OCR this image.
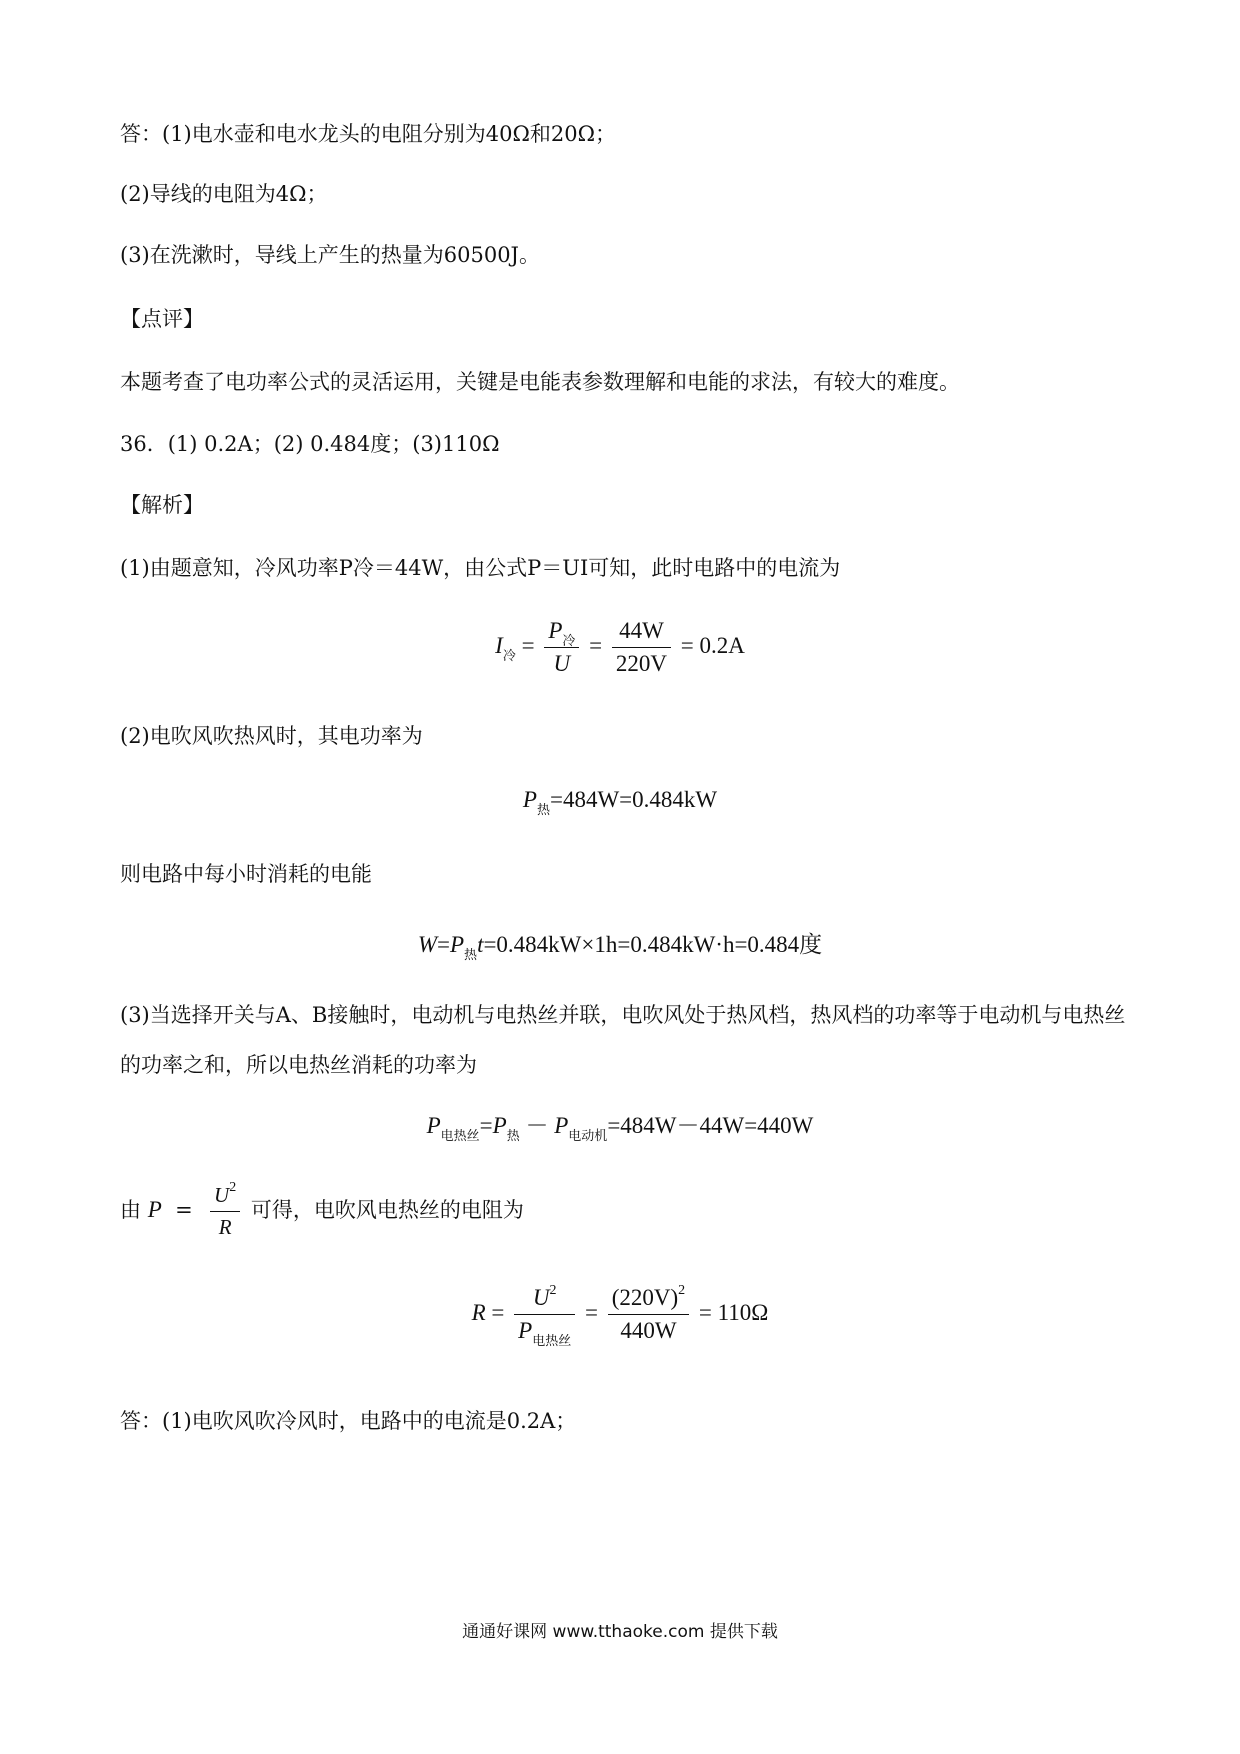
答：(1)电水壶和电水龙头的电阻分别为40Ω和20Ω；
(2)导线的电阻为4Ω；
(3)在洗漱时，导线上产生的热量为60500J。
【点评】
本题考查了电功率公式的灵活运用，关键是电能表参数理解和电能的求法，有较大的难度。
36．(1) 0.2A；(2) 0.484度；(3)110Ω
【解析】
(1)由题意知，冷风功率P冷＝44W，由公式P＝UI可知，此时电路中的电流为
$I_冷 = \frac{P_冷}{U} = \frac{44W}{220V} = 0.2A$
(2)电吹风吹热风时，其电功率为
$P_热=484W=0.484kW$
则电路中每小时消耗的电能
$W=P_热t=0.484kW\times 1h=0.484kW\cdot h=0.484$度
(3)当选择开关与A、B接触时，电动机与电热丝并联，电吹风处于热风档，热风档的功率等于电动机与电热丝的功率之和，所以电热丝消耗的功率为
$P_{电热丝}=P_热 - P_{电动机}=484W-44W=440W$
由 $P = \frac{U^2}{R}$ 可得，电吹风电热丝的电阻为
$R = \frac{U^2}{P_{电热丝}} = \frac{(220V)^2}{440W} = 110\Omega$
答：(1)电吹风吹冷风时，电路中的电流是0.2A；
通通好课网 www.tthaoke.com 提供下载
